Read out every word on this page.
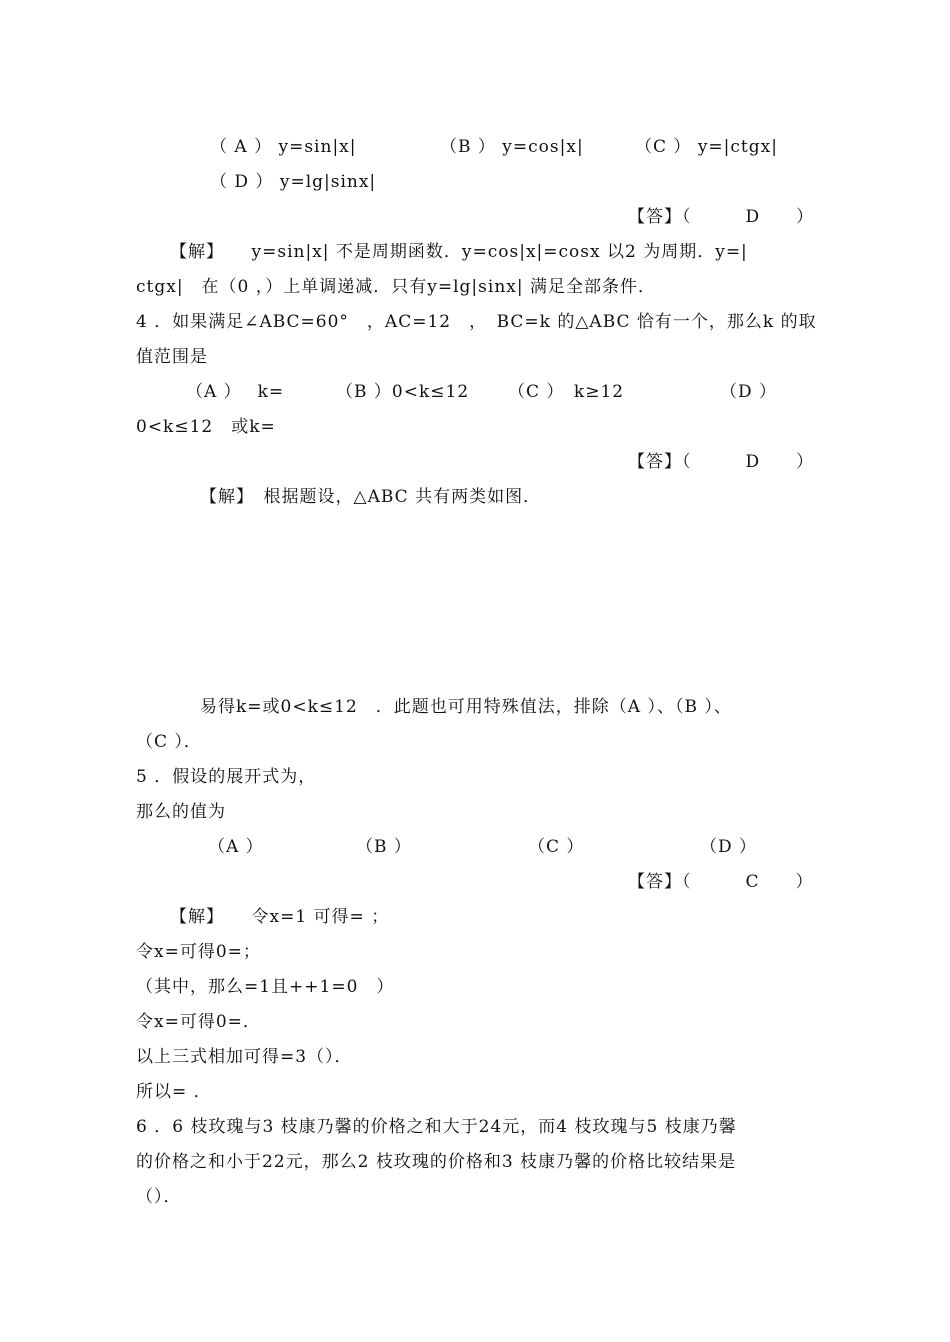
（ A ） y=sin|x|	（B ） y=cos|x|	（C ） y=|ctgx|
（ D ） y=lg|sinx|
【答】（　　　D　　）
【解】　　y=sin|x| 不是周期函数．y=cos|x|=cosx 以2 为周期．y=|
ctgx|　在（0 ，）上单调递减．只有y=lg|sinx| 满足全部条件．
4 ．如果满足∠ABC=60°　，AC=12　，　BC=k 的△ABC 恰有一个，那么k 的取
值范围是
（A ）　 k=	（B ）0<k≤12 （C ）　k≥12	（D ）
0<k≤12　或k=
【答】（　　　D　　）
【解】　根据题设，△ABC 共有两类如图．
易得k=或0<k≤12　．此题也可用特殊值法，排除（A ）、（B ）、
（C ）．
5 ．假设的展开式为，
那么的值为
（A ）	（B ）	（C ）	（D ）
【答】（　　　C　　）
【解】　　令x=1 可得= ；
令x=可得0=；
（其中，那么=1且++1=0　）
令x=可得0=．
以上三式相加可得=3（）．
所以= ．
6 ．6 枝玫瑰与3 枝康乃馨的价格之和大于24元，而4 枝玫瑰与5 枝康乃馨
的价格之和小于22元，那么2 枝玫瑰的价格和3 枝康乃馨的价格比较结果是
（）．
